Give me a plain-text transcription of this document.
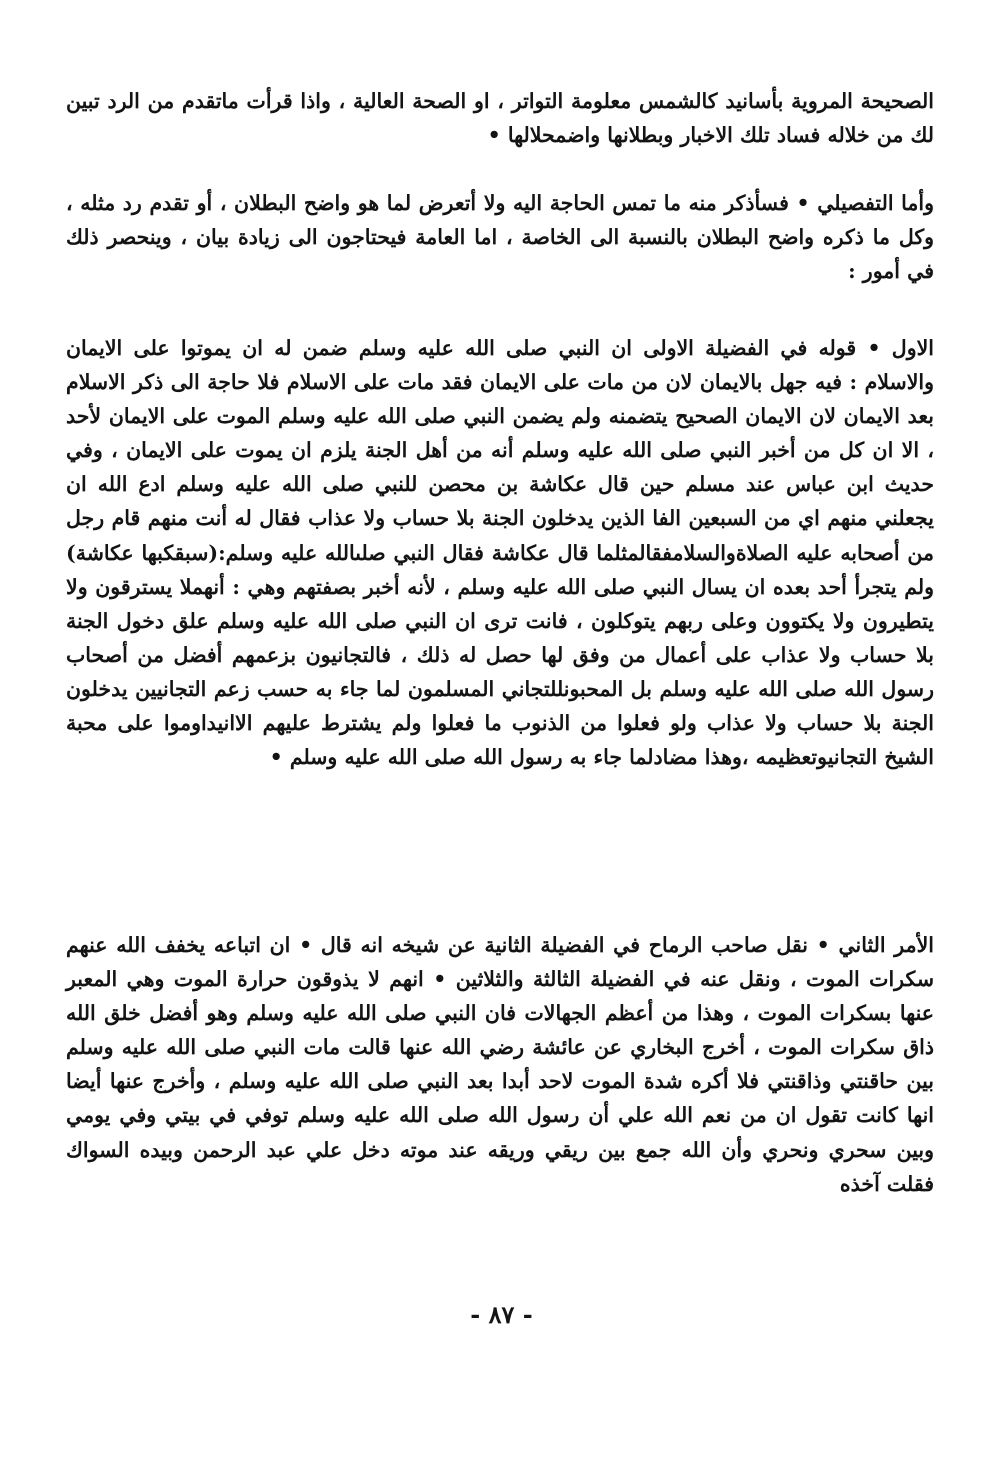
الصحيحة المروية بأسانيد كالشمس معلومة التواتر ، او الصحة العالية ، واذا قرأت ماتقدم من الرد تبين لك من خلاله فساد تلك الاخبار وبطلانها واضمحلالها •

وأما التفصيلي • فسأذكر منه ما تمس الحاجة اليه ولا أتعرض لما هو واضح البطلان ، أو تقدم رد مثله ، وكل ما ذكره واضح البطلان بالنسبة الى الخاصة ، اما العامة فيحتاجون الى زيادة بيان ، وينحصر ذلك في أمور :

الاول • قوله في الفضيلة الاولى ان النبي صلى الله عليه وسلم ضمن له ان يموتوا على الايمان والاسلام : فيه جهل بالايمان لان من مات على الايمان فقد مات على الاسلام فلا حاجة الى ذكر الاسلام بعد الايمان لان الايمان الصحيح يتضمنه ولم يضمن النبي صلى الله عليه وسلم الموت على الايمان لأحد ، الا ان كل من أخبر النبي صلى الله عليه وسلم أنه من أهل الجنة يلزم ان يموت على الايمان ، وفي حديث ابن عباس عند مسلم حين قال عكاشة بن محصن للنبي صلى الله عليه وسلم ادع الله ان يجعلني منهم اي من السبعين الفا الذين يدخلون الجنة بلا حساب ولا عذاب فقال له أنت منهم قام رجل من أصحابه عليه الصلاةوالسلامفقالمثلما قال عكاشة فقال النبي صلىالله عليه وسلم:(سبقكبها عكاشة) ولم يتجرأ أحد بعده ان يسال النبي صلى الله عليه وسلم ، لأنه أخبر بصفتهم وهي : أنهملا يسترقون ولا يتطيرون ولا يكتوون وعلى ربهم يتوكلون ، فانت ترى ان النبي صلى الله عليه وسلم علق دخول الجنة بلا حساب ولا عذاب على أعمال من وفق لها حصل له ذلك ، فالتجانيون بزعمهم أفضل من أصحاب رسول الله صلى الله عليه وسلم بل المحبونللتجاني المسلمون لما جاء به حسب زعم التجانيين يدخلون الجنة بلا حساب ولا عذاب ولو فعلوا من الذنوب ما فعلوا ولم يشترط عليهم الاانيداوموا على محبة الشيخ التجانيوتعظيمه ،وهذا مضادلما جاء به رسول الله صلى الله عليه وسلم •

الأمر الثاني • نقل صاحب الرماح في الفضيلة الثانية عن شيخه انه قال • ان اتباعه يخفف الله عنهم سكرات الموت ، ونقل عنه في الفضيلة الثالثة والثلاثين • انهم لا يذوقون حرارة الموت وهي المعبر عنها بسكرات الموت ، وهذا من أعظم الجهالات فان النبي صلى الله عليه وسلم وهو أفضل خلق الله ذاق سكرات الموت ، أخرج البخاري عن عائشة رضي الله عنها قالت مات النبي صلى الله عليه وسلم بين حاقنتي وذاقنتي فلا أكره شدة الموت لاحد أبدا بعد النبي صلى الله عليه وسلم ، وأخرج عنها أيضا انها كانت تقول ان من نعم الله علي أن رسول الله صلى الله عليه وسلم توفي في بيتي وفي يومي وبين سحري ونحري وأن الله جمع بين ريقي وريقه عند موته دخل علي عبد الرحمن وبيده السواك فقلت آخذه

- ٨٧ -
